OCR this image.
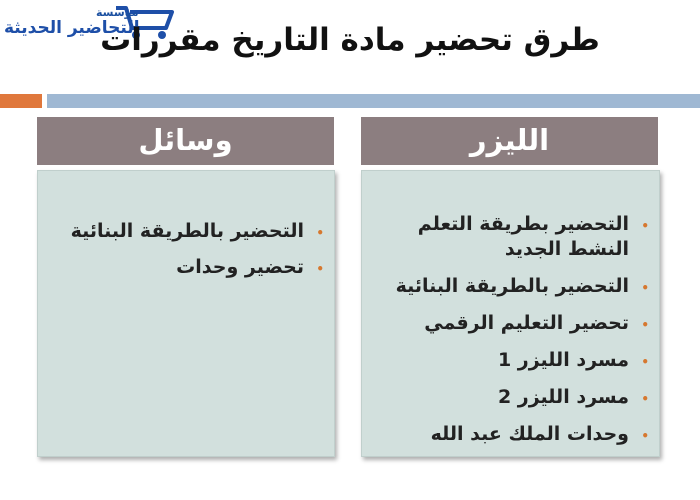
مؤسسة
التحاضير الحديثة
طرق تحضير مادة التاريخ مقررات
وسائل	الليزر
•
التحضير بالطريقة البنائية
•
تحضير وحدات
•
التحضير بطريقة التعلم النشط الجديد
•
التحضير بالطريقة البنائية
•
تحضير التعليم الرقمي
•
مسرد الليزر 1
•
مسرد الليزر 2
•
وحدات الملك عبد الله
